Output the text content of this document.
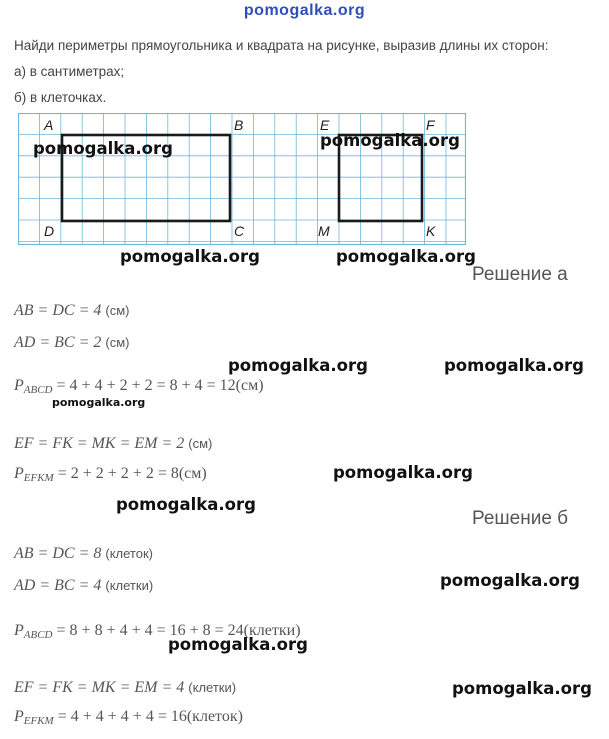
pomogalka.org
Найди периметры прямоугольника и квадрата на рисунке, выразив длины их сторон:
а) в сантиметрах;
б) в клеточках.
A	B
C
D
E	F
M	K
pomogalka.org	pomogalka.org
pomogalka.org	pomogalka.org
Решение а
AB = DC = 4 (см)
AD = BC = 2 (см)
pomogalka.org	pomogalka.org
$P_{ABCD} = 4 + 4 + 2 + 2 = 8 + 4 = 12(см)$
pomogalka.org
EF = FK = MK = EM = 2 (см)
pomogalka.org
$P_{EFKM} = 2 + 2 + 2 + 2 = 8(см)$
pomogalka.org
Решение б
AB = DC = 8 (клеток)
pomogalka.org
AD = BC = 4 (клетки)
$P_{ABCD} = 8 + 8 + 4 + 4 = 16 + 8$ = 24(клетки)
pomogalka.org
EF = FK = MK = EM = 4 (клетки)	pomogalka.org
$P_{EFKM} = 4 + 4 + 4 + 4$ = 16(клеток)
